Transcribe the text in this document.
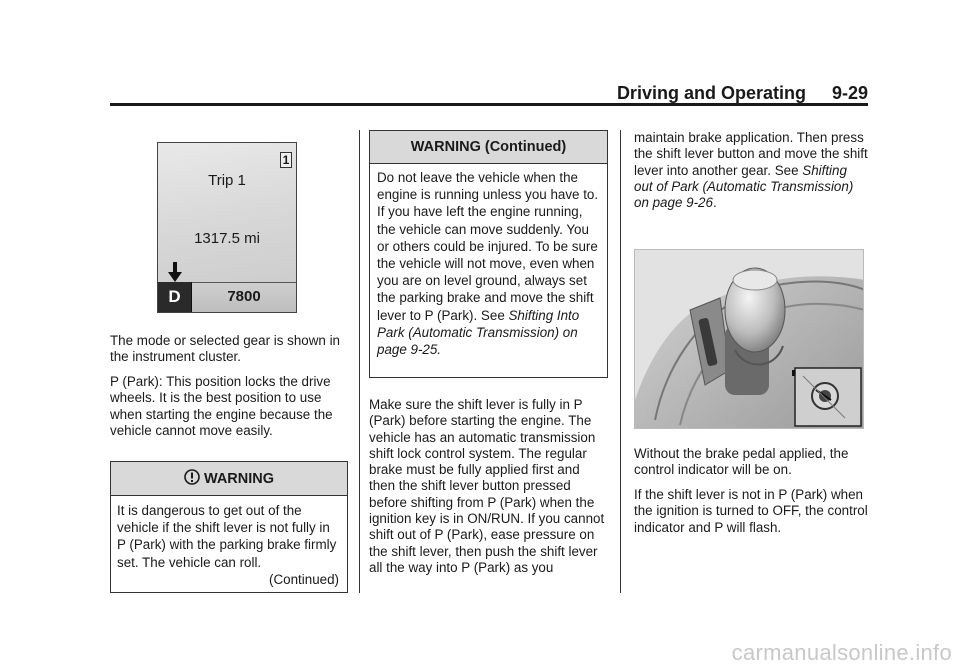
Driving and Operating 9-29
1
Trip 1
1317.5 mi
D	7800

The mode or selected gear is shown in the instrument cluster.

P (Park): This position locks the drive wheels. It is the best position to use when starting the engine because the vehicle cannot move easily.

WARNING
It is dangerous to get out of the vehicle if the shift lever is not fully in P (Park) with the parking brake firmly set. The vehicle can roll.
(Continued)
WARNING (Continued)
Do not leave the vehicle when the engine is running unless you have to. If you have left the engine running, the vehicle can move suddenly. You or others could be injured. To be sure the vehicle will not move, even when you are on level ground, always set the parking brake and move the shift lever to P (Park). See Shifting Into Park (Automatic Transmission) on page 9-25.

Make sure the shift lever is fully in P (Park) before starting the engine. The vehicle has an automatic transmission shift lock control system. The regular brake must be fully applied first and then the shift lever button pressed before shifting from P (Park) when the ignition key is in ON/RUN. If you cannot shift out of P (Park), ease pressure on the shift lever, then push the shift lever all the way into P (Park) as you

maintain brake application. Then press the shift lever button and move the shift lever into another gear. See Shifting out of Park (Automatic Transmission) on page 9-26.

Without the brake pedal applied, the control indicator will be on.

If the shift lever is not in P (Park) when the ignition is turned to OFF, the control indicator and P will flash.

carmanualsonline.info
